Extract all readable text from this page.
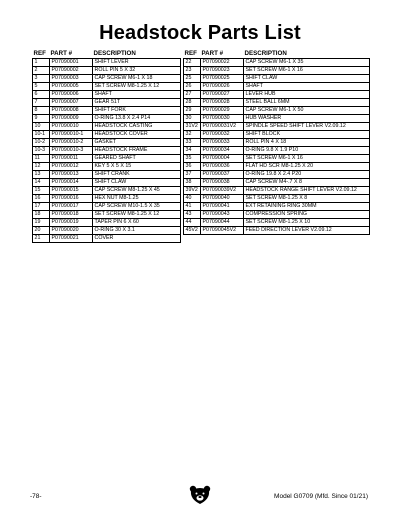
Headstock Parts List
REF	PART #	DESCRIPTION
1	P07090001	SHIFT LEVER
2	P07090002	ROLL PIN 5 X 32
3	P07090003	CAP SCREW M6-1 X 18
5	P07090005	SET SCREW M8-1.25 X 12
6	P07090006	SHAFT
7	P07090007	GEAR 51T
8	P07090008	SHIFT FORK
9	P07090009	O-RING 13.8 X 2.4 P14
10	P07090010	HEADSTOCK CASTING
10-1	P07090010-1	HEADSTOCK COVER
10-2	P07090010-2	GASKET
10-3	P07090010-3	HEADSTOCK FRAME
11	P07090011	GEARED SHAFT
12	P07090012	KEY 5 X 5 X 15
13	P07090013	SHIFT CRANK
14	P07090014	SHIFT CLAW
15	P07090015	CAP SCREW M8-1.25 X 45
16	P07090016	HEX NUT M8-1.25
17	P07090017	CAP SCREW M10-1.5 X 35
18	P07090018	SET SCREW M8-1.25 X 12
19	P07090019	TAPER PIN 6 X 60
20	P07090020	O-RING 30 X 3.1
21	P07090021	COVER
REF	PART #	DESCRIPTION
22	P07090022	CAP SCREW M6-1 X 35
23	P07090023	SET SCREW M6-1 X 16
25	P07090025	SHIFT CLAW
26	P07090026	SHAFT
27	P07090027	LEVER HUB
28	P07090028	STEEL BALL 6MM
29	P07090029	CAP SCREW M6-1 X 50
30	P07090030	HUB WASHER
31V2	P07090031V2	SPINDLE SPEED SHIFT LEVER V2.09.12
32	P07090032	SHIFT BLOCK
33	P07090033	ROLL PIN 4 X 18
34	P07090034	O-RING 9.8 X 1.9 P10
35	P07090004	SET SCREW M6-1 X 16
36	P07090036	FLAT HD SCR M8-1.25 X 20
37	P07090037	O-RING 19.8 X 2.4 P20
38	P07090038	CAP SCREW M4-.7 X 8
39V2	P07090039V2	HEADSTOCK RANGE SHIFT LEVER V2.09.12
40	P07090040	SET SCREW M8-1.25 X 8
41	P07090041	EXT RETAINING RING 30MM
43	P07090043	COMPRESSION SPRING
44	P07090044	SET SCREW M8-1.25 X 10
45V2	P07090045V2	FEED DIRECTION LEVER V2.09.12
-78-	Model G0709 (Mfd. Since 01/21)
